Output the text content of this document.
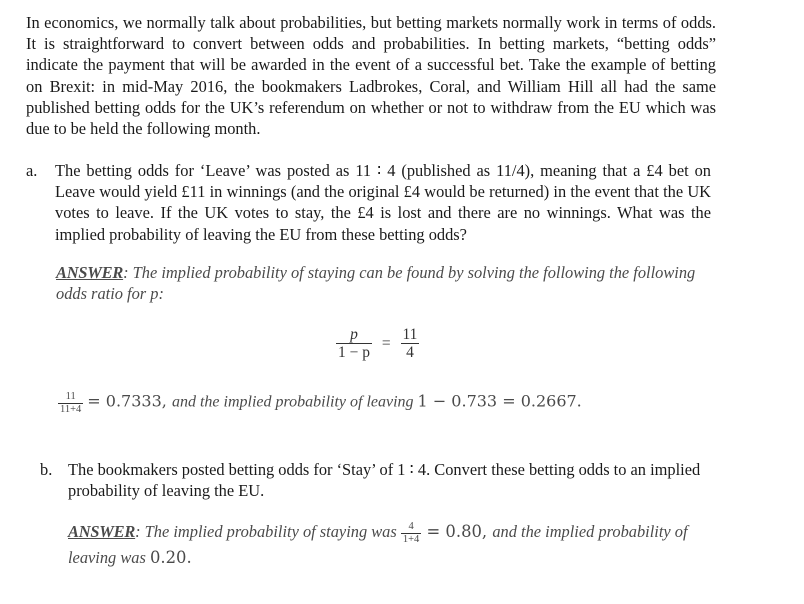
In economics, we normally talk about probabilities, but betting markets normally work in terms of odds. It is straightforward to convert between odds and probabilities. In betting markets, “betting odds” indicate the payment that will be awarded in the event of a successful bet. Take the example of betting on Brexit: in mid-May 2016, the bookmakers Ladbrokes, Coral, and William Hill all had the same published betting odds for the UK’s referendum on whether or not to withdraw from the EU which was due to be held the following month.
a. The betting odds for ‘Leave’ was posted as 11 ∶ 4 (published as 11/4), meaning that a £4 bet on Leave would yield £11 in winnings (and the original £4 would be returned) in the event that the UK votes to leave. If the UK votes to stay, the £4 is lost and there are no winnings. What was the implied probability of leaving the EU from these betting odds?
ANSWER: The implied probability of staying can be found by solving the following the following odds ratio for p:
$\frac{p}{1 - p} = \frac{11}{4}$
$\frac{11}{11+4} = 0.7333$, and the implied probability of leaving 1 − 0.733 = 0.2667.
b. The bookmakers posted betting odds for ‘Stay’ of 1 ∶ 4. Convert these betting odds to an implied probability of leaving the EU.
ANSWER: The implied probability of staying was $\frac{4}{1+4} = 0.80$, and the implied probability of leaving was 0.20.
